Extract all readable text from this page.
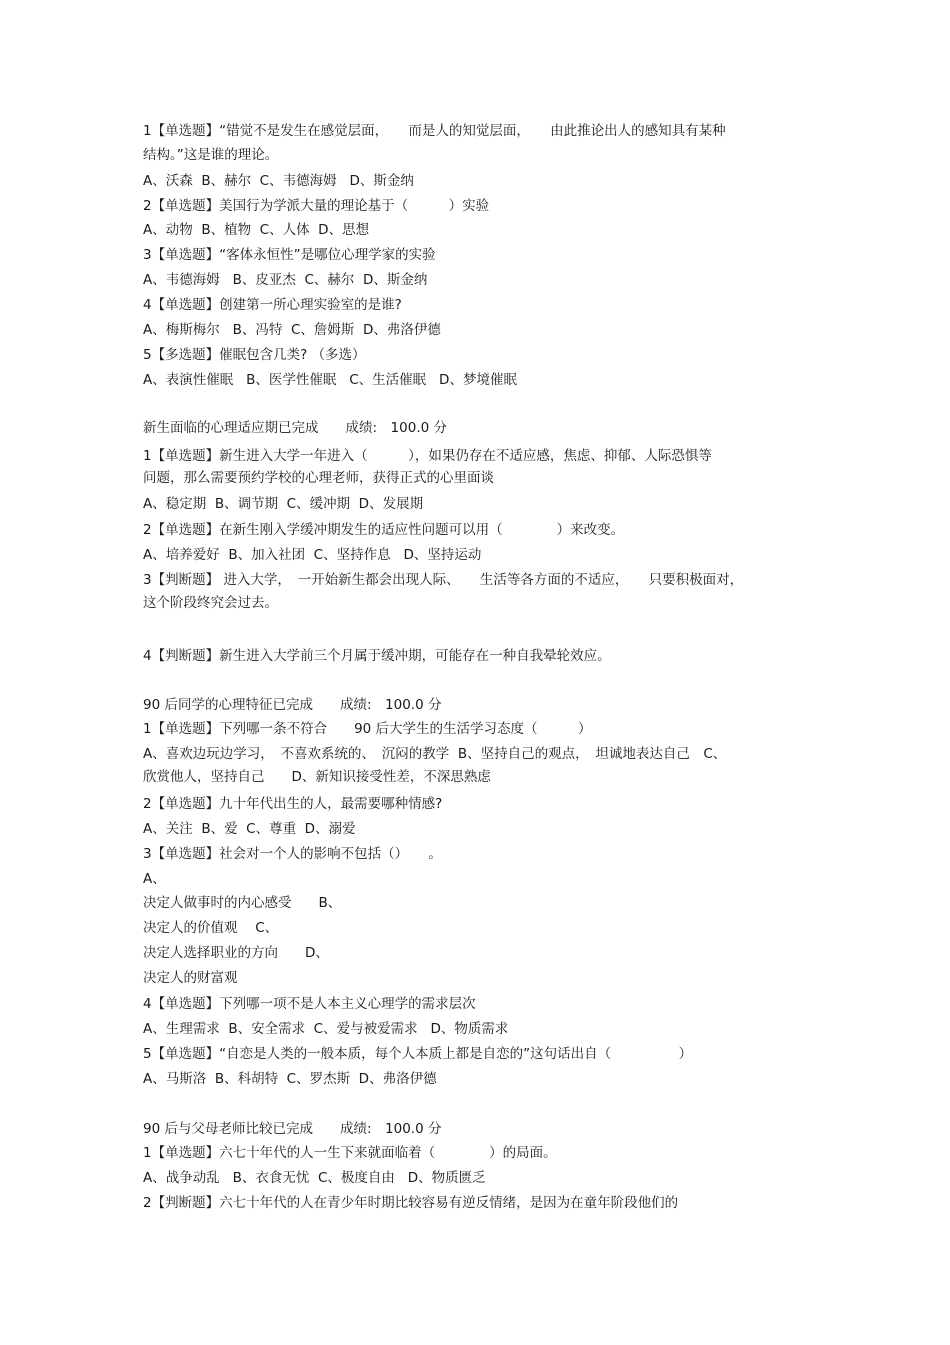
1【单选题】“错觉不是发生在感觉层面，　　而是人的知觉层面，　　由此推论出人的感知具有某种

结构。”这是谁的理论。

A、沃森  B、赫尔  C、韦德海姆   D、斯金纳

2【单选题】美国行为学派大量的理论基于（　　　）实验

A、动物  B、植物  C、人体  D、思想

3【单选题】“客体永恒性”是哪位心理学家的实验

A、韦德海姆   B、皮亚杰  C、赫尔  D、斯金纳

4【单选题】创建第一所心理实验室的是谁?

A、梅斯梅尔   B、冯特  C、詹姆斯  D、弗洛伊德

5【多选题】催眠包含几类? （多选）

A、表演性催眠   B、医学性催眠   C、生活催眠   D、梦境催眠

新生面临的心理适应期已完成　　成绩:　100.0 分

1【单选题】新生进入大学一年进入（　　　），如果仍存在不适应感，焦虑、抑郁、人际恐惧等

问题，那么需要预约学校的心理老师，获得正式的心里面谈

A、稳定期  B、调节期  C、缓冲期  D、发展期

2【单选题】在新生刚入学缓冲期发生的适应性问题可以用（　　　　）来改变。

A、培养爱好  B、加入社团  C、坚持作息   D、坚持运动

3【判断题】 进入大学，　一开始新生都会出现人际、　　生活等各方面的不适应，　　只要积极面对，

这个阶段终究会过去。

4【判断题】新生进入大学前三个月属于缓冲期，可能存在一种自我晕轮效应。

90 后同学的心理特征已完成　　成绩:　100.0 分

1【单选题】下列哪一条不符合　　90 后大学生的生活学习态度（　　　）

A、喜欢边玩边学习，　不喜欢系统的、　沉闷的教学  B、坚持自己的观点，　坦诚地表达自己　C、

欣赏他人，坚持自己　　D、新知识接受性差，不深思熟虑

2【单选题】九十年代出生的人，最需要哪种情感?

A、关注  B、爱  C、尊重  D、溺爱

3【单选题】社会对一个人的影响不包括（）　　。

A、

决定人做事时的内心感受　　B、

决定人的价值观　 C、

决定人选择职业的方向　　D、

决定人的财富观

4【单选题】下列哪一项不是人本主义心理学的需求层次

A、生理需求  B、安全需求  C、爱与被爱需求   D、物质需求

5【单选题】“自恋是人类的一般本质，每个人本质上都是自恋的”这句话出自（　　　　　）

A、马斯洛  B、科胡特  C、罗杰斯  D、弗洛伊德

90 后与父母老师比较已完成　　成绩:　100.0 分

1【单选题】六七十年代的人一生下来就面临着（　　　　）的局面。

A、战争动乱   B、衣食无忧  C、极度自由   D、物质匮乏

2【判断题】六七十年代的人在青少年时期比较容易有逆反情绪，是因为在童年阶段他们的
